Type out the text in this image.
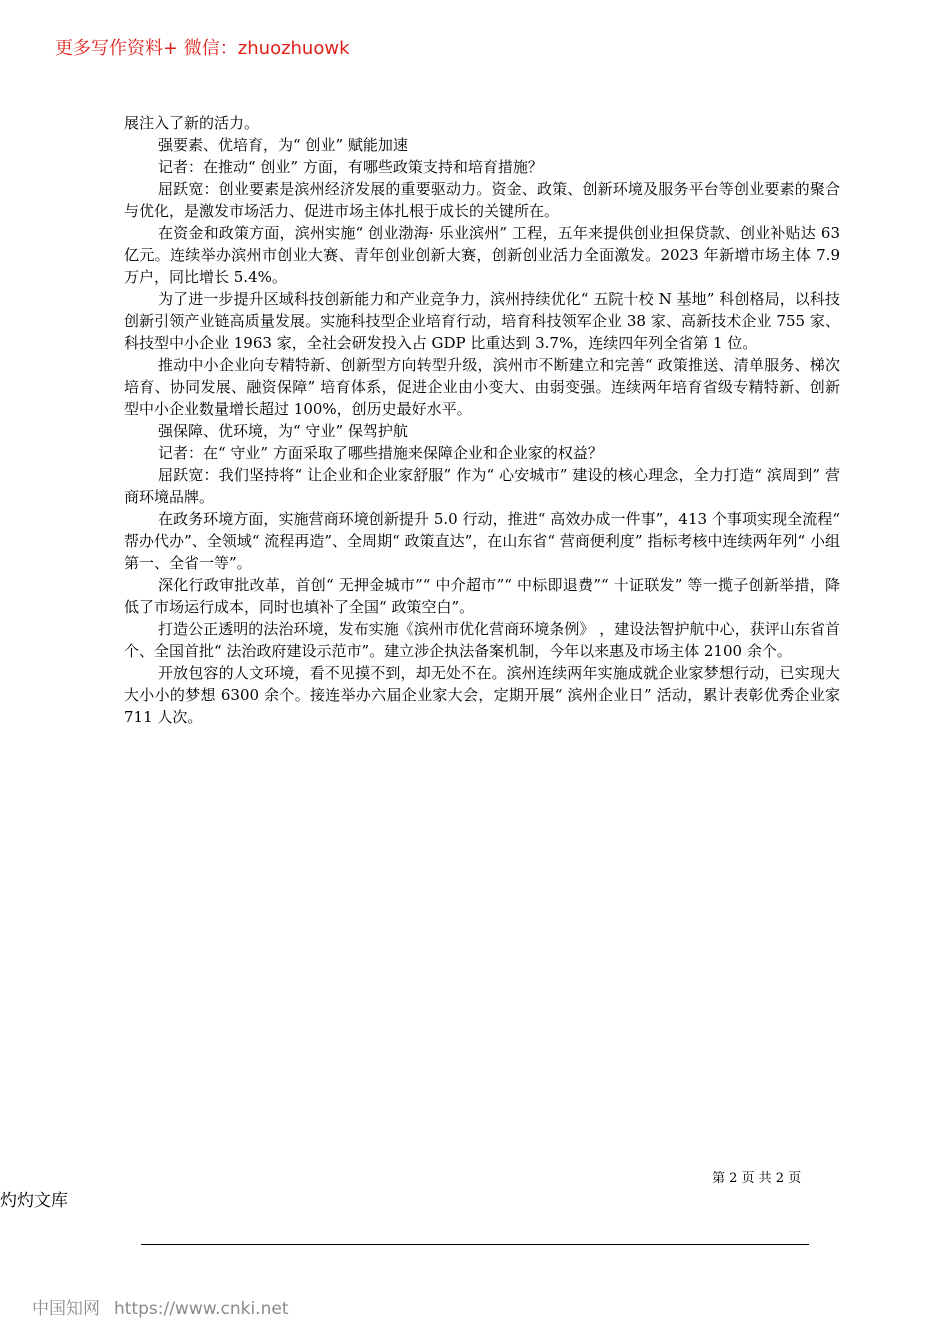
更多写作资料+ 微信：zhuozhuowk

展注入了新的活力。

强要素、优培育，为“ 创业” 赋能加速

记者：在推动“ 创业” 方面，有哪些政策支持和培育措施？

屈跃宽：创业要素是滨州经济发展的重要驱动力。资金、政策、创新环境及服务平台等创业要素的聚合与优化，是激发市场活力、促进市场主体扎根于成长的关键所在。

在资金和政策方面，滨州实施“ 创业渤海· 乐业滨州” 工程，五年来提供创业担保贷款、创业补贴达 63 亿元。连续举办滨州市创业大赛、青年创业创新大赛，创新创业活力全面激发。2023 年新增市场主体 7.9 万户，同比增长 5.4%。

为了进一步提升区域科技创新能力和产业竞争力，滨州持续优化“ 五院十校 N 基地” 科创格局，以科技创新引领产业链高质量发展。实施科技型企业培育行动，培育科技领军企业 38 家、高新技术企业 755 家、科技型中小企业 1963 家，全社会研发投入占 GDP 比重达到 3.7%，连续四年列全省第 1 位。

推动中小企业向专精特新、创新型方向转型升级，滨州市不断建立和完善“ 政策推送、清单服务、梯次培育、协同发展、融资保障” 培育体系，促进企业由小变大、由弱变强。连续两年培育省级专精特新、创新型中小企业数量增长超过 100%，创历史最好水平。

强保障、优环境，为“ 守业” 保驾护航

记者：在“ 守业” 方面采取了哪些措施来保障企业和企业家的权益？

屈跃宽：我们坚持将“ 让企业和企业家舒服” 作为“ 心安城市” 建设的核心理念，全力打造“ 滨周到” 营商环境品牌。

在政务环境方面，实施营商环境创新提升 5.0 行动，推进“ 高效办成一件事”，413 个事项实现全流程“ 帮办代办”、全领域“ 流程再造”、全周期“ 政策直达”，在山东省“ 营商便利度” 指标考核中连续两年列“ 小组第一、全省一等”。

深化行政审批改革，首创“ 无押金城市”“ 中介超市”“ 中标即退费”“ 十证联发” 等一揽子创新举措，降低了市场运行成本，同时也填补了全国“ 政策空白”。

打造公正透明的法治环境，发布实施《滨州市优化营商环境条例》 ，建设法智护航中心，获评山东省首个、全国首批“ 法治政府建设示范市”。建立涉企执法备案机制，今年以来惠及市场主体 2100 余个。

开放包容的人文环境，看不见摸不到，却无处不在。滨州连续两年实施成就企业家梦想行动，已实现大大小小的梦想 6300 余个。接连举办六届企业家大会，定期开展“ 滨州企业日” 活动，累计表彰优秀企业家 711 人次。

第 2 页 共 2 页
灼灼文库
中国知网 https://www.cnki.net
